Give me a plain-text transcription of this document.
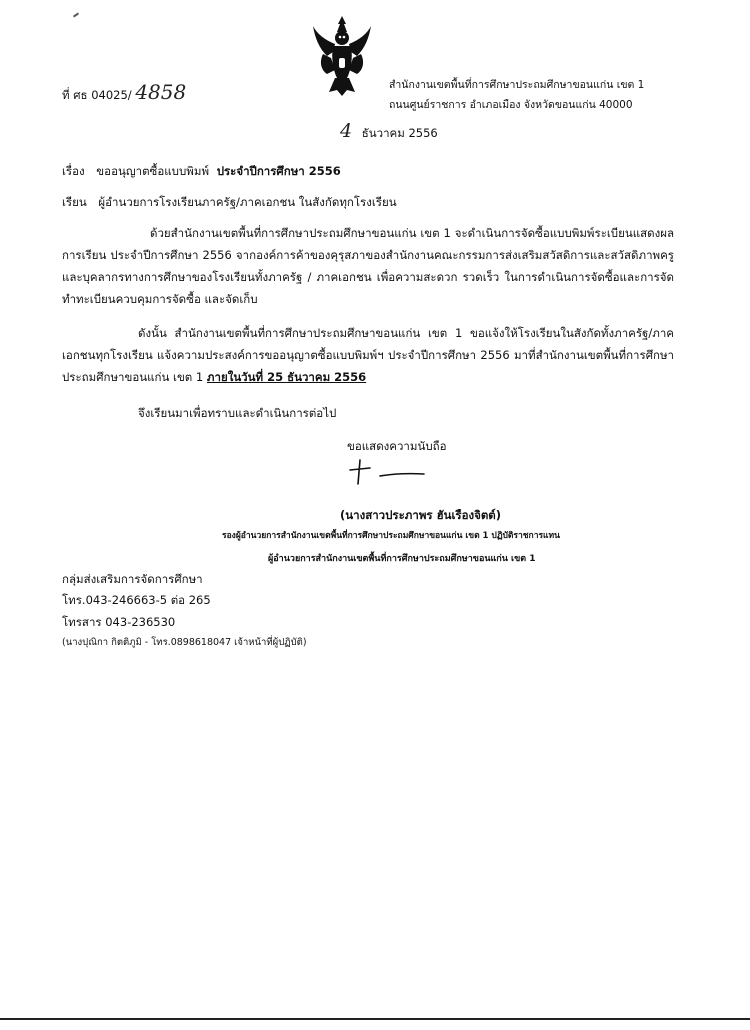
ที่ ศธ 04025/ 4858	สำนักงานเขตพื้นที่การศึกษาประถมศึกษาขอนแก่น เขต 1
ถนนศูนย์ราชการ อำเภอเมือง จังหวัดขอนแก่น 40000
4 ธันวาคม 2556
เรื่อง ขออนุญาตซื้อแบบพิมพ์ ประจำปีการศึกษา 2556
เรียน ผู้อำนวยการโรงเรียนภาครัฐ/ภาคเอกชน ในสังกัดทุกโรงเรียน
ด้วยสำนักงานเขตพื้นที่การศึกษาประถมศึกษาขอนแก่น เขต 1 จะดำเนินการจัดซื้อแบบพิมพ์ระเบียนแสดงผลการเรียน ประจำปีการศึกษา 2556 จากองค์การค้าของคุรุสภาของสำนักงานคณะกรรมการส่งเสริมสวัสดิการและสวัสดิภาพครูและบุคลากรทางการศึกษาของโรงเรียนทั้งภาครัฐ / ภาคเอกชน เพื่อความสะดวก รวดเร็ว ในการดำเนินการจัดซื้อและการจัดทำทะเบียนควบคุมการจัดซื้อ และจัดเก็บ
ดังนั้น สำนักงานเขตพื้นที่การศึกษาประถมศึกษาขอนแก่น เขต 1 ขอแจ้งให้โรงเรียนในสังกัดทั้งภาครัฐ/ภาคเอกชนทุกโรงเรียน แจ้งความประสงค์การขออนุญาตซื้อแบบพิมพ์ฯ ประจำปีการศึกษา 2556 มาที่สำนักงานเขตพื้นที่การศึกษาประถมศึกษาขอนแก่น เขต 1 ภายในวันที่ 25 ธันวาคม 2556
จึงเรียนมาเพื่อทราบและดำเนินการต่อไป
ขอแสดงความนับถือ
(นางสาวประภาพร ฮันเรืองจิตต์)
รองผู้อำนวยการสำนักงานเขตพื้นที่การศึกษาประถมศึกษาขอนแก่น เขต 1 ปฏิบัติราชการแทน
ผู้อำนวยการสำนักงานเขตพื้นที่การศึกษาประถมศึกษาขอนแก่น เขต 1
กลุ่มส่งเสริมการจัดการศึกษา
โทร.043-246663-5 ต่อ 265
โทรสาร 043-236530
(นางปุณิกา กิตติภูมิ - โทร.0898618047 เจ้าหน้าที่ผู้ปฏิบัติ)
